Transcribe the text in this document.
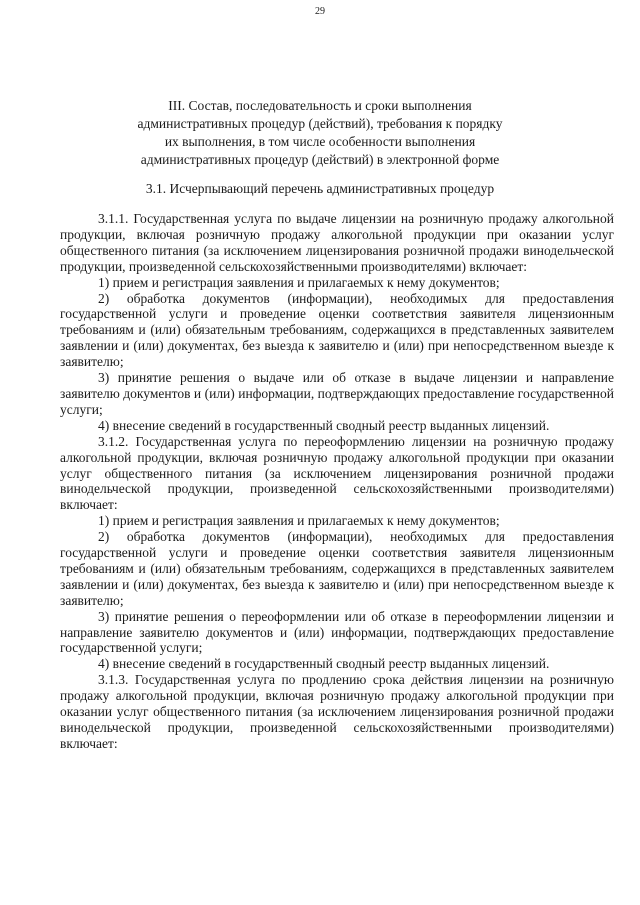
29
III. Состав, последовательность и сроки выполнения
административных процедур (действий), требования к порядку
их выполнения, в том числе особенности выполнения
административных процедур (действий) в электронной форме
3.1. Исчерпывающий перечень административных процедур

3.1.1. Государственная услуга по выдаче лицензии на розничную продажу алкогольной продукции, включая розничную продажу алкогольной продукции при оказании услуг общественного питания (за исключением лицензирования розничной продажи винодельческой продукции, произведенной сельскохозяйственными производителями) включает:

1) прием и регистрация заявления и прилагаемых к нему документов;

2) обработка документов (информации), необходимых для предоставления государственной услуги и проведение оценки соответствия заявителя лицензионным требованиям и (или) обязательным требованиям, содержащихся в представленных заявителем заявлении и (или) документах, без выезда к заявителю и (или) при непосредственном выезде к заявителю;

3) принятие решения о выдаче или об отказе в выдаче лицензии и направление заявителю документов и (или) информации, подтверждающих предоставление государственной услуги;

4) внесение сведений в государственный сводный реестр выданных лицензий.

3.1.2. Государственная услуга по переоформлению лицензии на розничную продажу алкогольной продукции, включая розничную продажу алкогольной продукции при оказании услуг общественного питания (за исключением лицензирования розничной продажи винодельческой продукции, произведенной сельскохозяйственными производителями) включает:

1) прием и регистрация заявления и прилагаемых к нему документов;

2) обработка документов (информации), необходимых для предоставления государственной услуги и проведение оценки соответствия заявителя лицензионным требованиям и (или) обязательным требованиям, содержащихся в представленных заявителем заявлении и (или) документах, без выезда к заявителю и (или) при непосредственном выезде к заявителю;

3) принятие решения о переоформлении или об отказе в переоформлении лицензии и направление заявителю документов и (или) информации, подтверждающих предоставление государственной услуги;

4) внесение сведений в государственный сводный реестр выданных лицензий.

3.1.3. Государственная услуга по продлению срока действия лицензии на розничную продажу алкогольной продукции, включая розничную продажу алкогольной продукции при оказании услуг общественного питания (за исключением лицензирования розничной продажи винодельческой продукции, произведенной сельскохозяйственными производителями) включает:
